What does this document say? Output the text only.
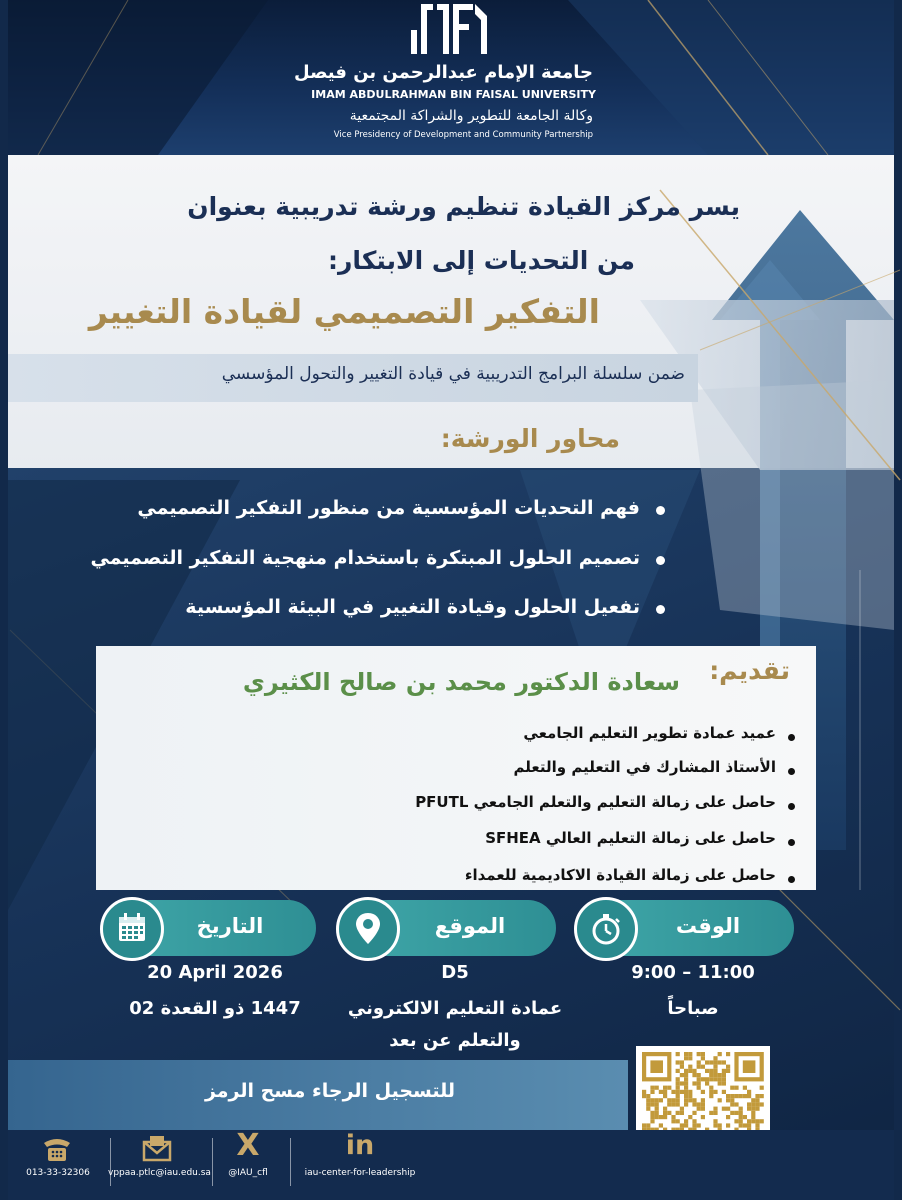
جامعة الإمام عبدالرحمن بن فيصل
IMAM ABDULRAHMAN BIN FAISAL UNIVERSITY
وكالة الجامعة للتطوير والشراكة المجتمعية
Vice Presidency of Development and Community Partnership
يسر مركز القيادة تنظيم ورشة تدريبية بعنوان
من التحديات إلى الابتكار:
التفكير التصميمي لقيادة التغيير
ضمن سلسلة البرامج التدريبية في قيادة التغيير والتحول المؤسسي
محاور الورشة:
فهم التحديات المؤسسية من منظور التفكير التصميمي
تصميم الحلول المبتكرة باستخدام منهجية التفكير التصميمي
تفعيل الحلول وقيادة التغيير في البيئة المؤسسية
تقديم:
سعادة الدكتور محمد بن صالح الكثيري
عميد عمادة تطوير التعليم الجامعي
الأستاذ المشارك في التعليم والتعلم
حاصل على زمالة التعليم والتعلم الجامعي PFUTL
حاصل على زمالة التعليم العالي SFHEA
حاصل على زمالة القيادة الاكاديمية للعمداء
التاريخ
20 April 2026
1447 ذو القعدة 02
الموقع
D5
عمادة التعليم الالكتروني
والتعلم عن بعد
الوقت
9:00 – 11:00
صباحاً
للتسجيل الرجاء مسح الرمز
013-33-32306	vppaa.ptlc@iau.edu.sa
X
@IAU_cfl
in
iau-center-for-leadership
